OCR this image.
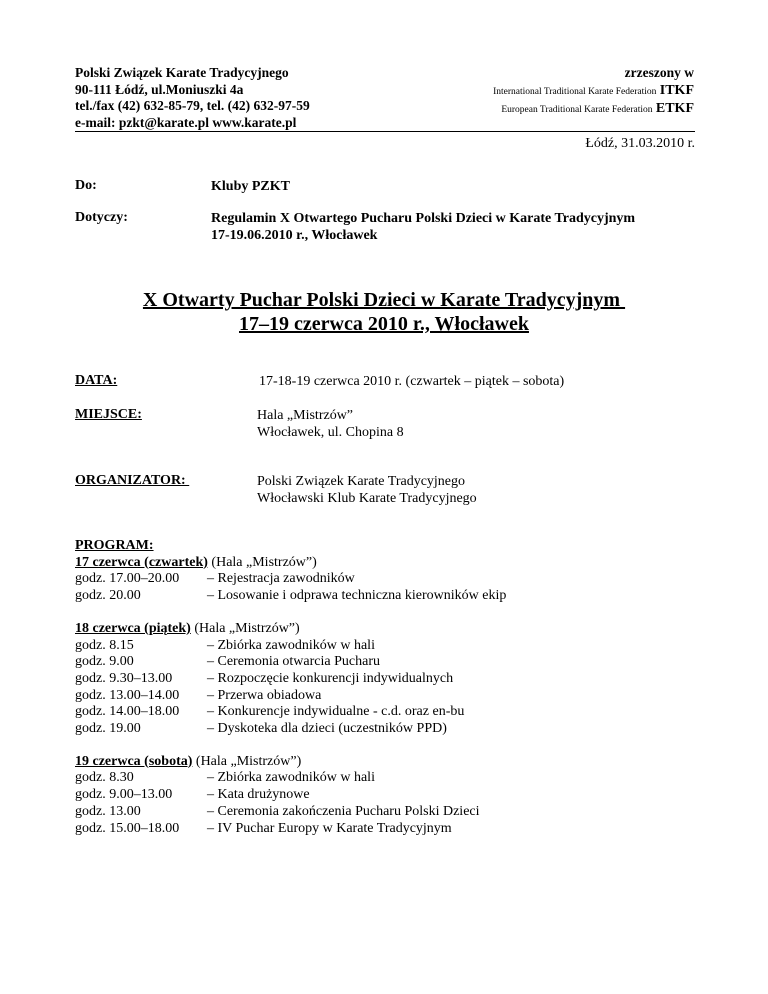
Polski Związek Karate Tradycyjnego
90-111 Łódź, ul.Moniuszki 4a
tel./fax (42) 632-85-79, tel. (42) 632-97-59
e-mail: pzkt@karate.pl www.karate.pl
zrzeszony w
International Traditional Karate Federation ITKF
European Traditional Karate Federation ETKF
Łódź, 31.03.2010 r.
Do:	Kluby PZKT
Dotyczy:	Regulamin X Otwartego Pucharu Polski Dzieci w Karate Tradycyjnym
17-19.06.2010 r., Włocławek
X Otwarty Puchar Polski Dzieci w Karate Tradycyjnym
17–19 czerwca 2010 r., Włocławek
DATA:	17-18-19 czerwca 2010 r. (czwartek – piątek – sobota)
MIEJSCE:	Hala „Mistrzów”
Włocławek, ul. Chopina 8
ORGANIZATOR:	Polski Związek Karate Tradycyjnego
Włocławski Klub Karate Tradycyjnego
PROGRAM:
17 czerwca (czwartek) (Hala „Mistrzów”)
godz. 17.00–20.00	– Rejestracja zawodników
godz. 20.00	– Losowanie i odprawa techniczna kierowników ekip
18 czerwca (piątek) (Hala „Mistrzów”)
godz. 8.15	– Zbiórka zawodników w hali
godz. 9.00	– Ceremonia otwarcia Pucharu
godz. 9.30–13.00	– Rozpoczęcie konkurencji indywidualnych
godz. 13.00–14.00	– Przerwa obiadowa
godz. 14.00–18.00	– Konkurencje indywidualne - c.d. oraz en-bu
godz. 19.00	– Dyskoteka dla dzieci (uczestników PPD)
19 czerwca (sobota) (Hala „Mistrzów”)
godz. 8.30	– Zbiórka zawodników w hali
godz. 9.00–13.00	– Kata drużynowe
godz. 13.00	– Ceremonia zakończenia Pucharu Polski Dzieci
godz. 15.00–18.00	– IV Puchar Europy w Karate Tradycyjnym
